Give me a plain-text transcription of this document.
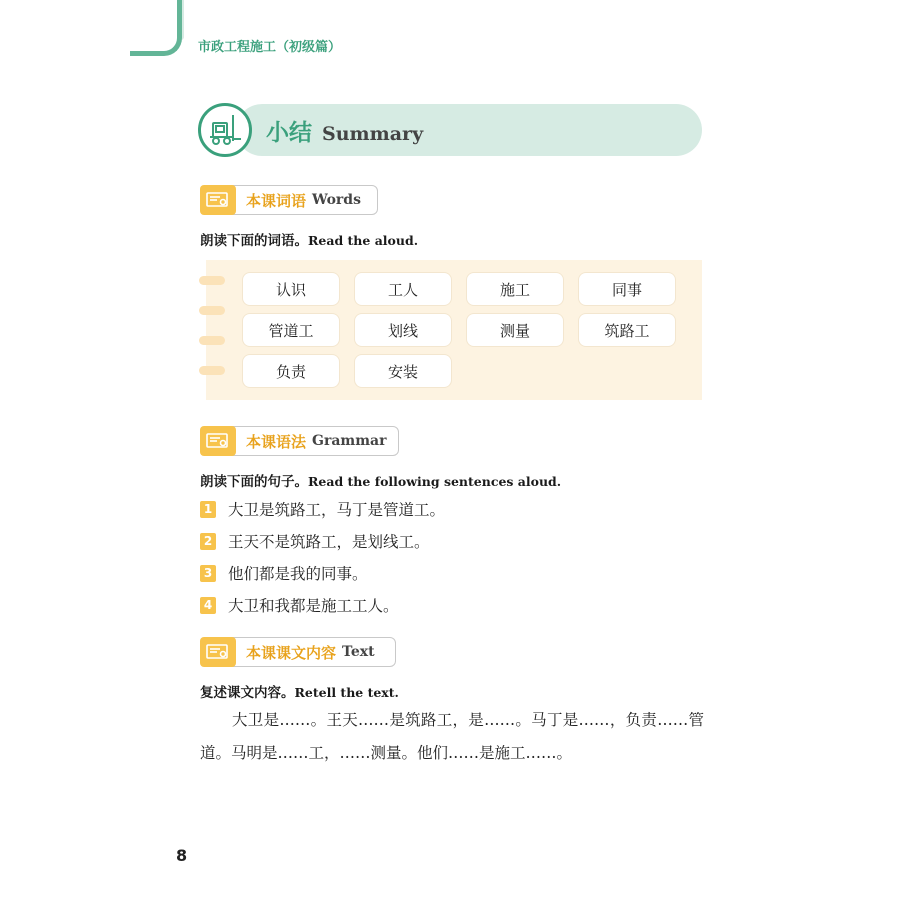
市政工程施工（初级篇）
小结 Summary
本课词语 Words
朗读下面的词语。Read the aloud.
认识	工人	施工	同事
管道工	划线	测量	筑路工
负责	安装
本课语法 Grammar
朗读下面的句子。Read the following sentences aloud.
1 大卫是筑路工，马丁是管道工。
2 王天不是筑路工，是划线工。
3 他们都是我的同事。
4 大卫和我都是施工工人。
本课课文内容 Text
复述课文内容。Retell the text.
大卫是……。王天……是筑路工，是……。马丁是……，负责……管道。马明是……工，……测量。他们……是施工……。
8
